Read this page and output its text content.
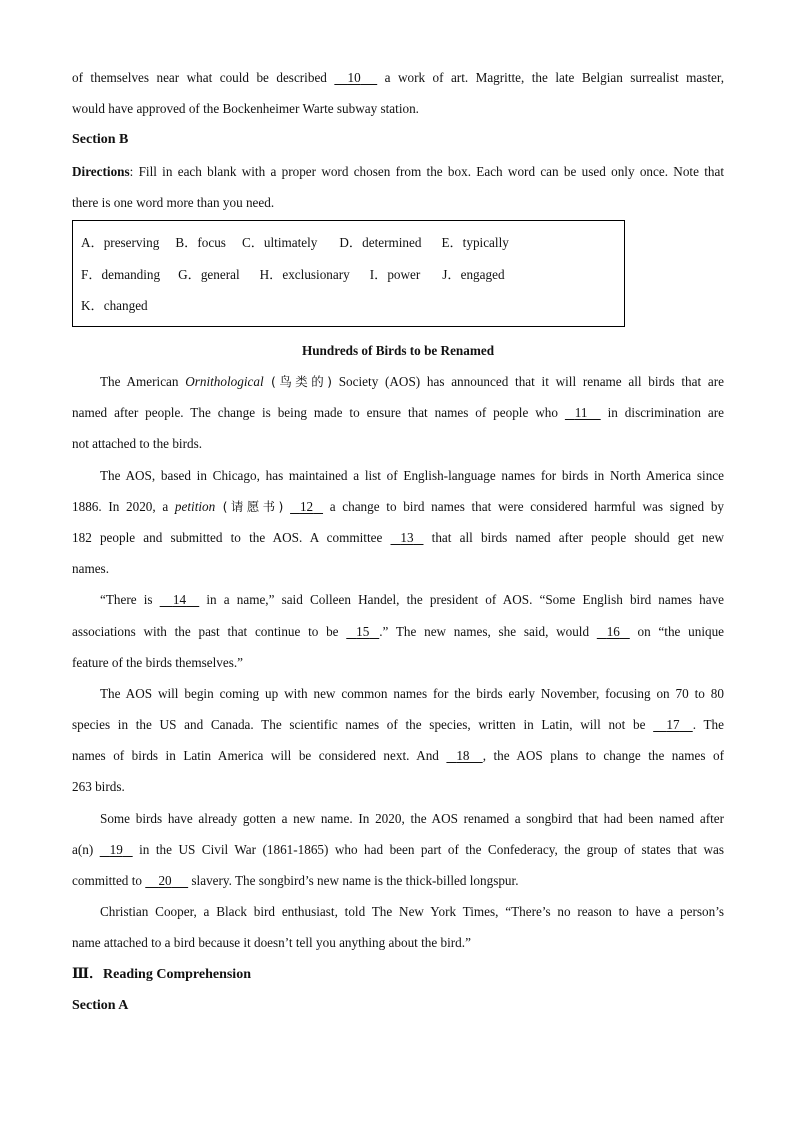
of themselves near what could be described 10 a work of art. Magritte, the late Belgian surrealist master,
would have approved of the Bockenheimer Warte subway station.
Section B
Directions: Fill in each blank with a proper word chosen from the box. Each word can be used only once. Note that
there is one word more than you need.
A．preserving B．focus C．ultimately D．determined E．typically
F．demanding G．general H．exclusionary I．power J．engaged
K．changed
Hundreds of Birds to be Renamed
The American Ornithological (鸟类的) Society (AOS) has announced that it will rename all birds that are
named after people. The change is being made to ensure that names of people who 11 in discrimination are
not attached to the birds.
The AOS, based in Chicago, has maintained a list of English-language names for birds in North America since
1886. In 2020, a petition (请愿书) 12 a change to bird names that were considered harmful was signed by
182 people and submitted to the AOS. A committee 13 that all birds named after people should get new
names.
“There is 14 in a name,” said Colleen Handel, the president of AOS. “Some English bird names have
associations with the past that continue to be 15 .” The new names, she said, would 16 on “the unique
feature of the birds themselves.”
The AOS will begin coming up with new common names for the birds early November, focusing on 70 to 80
species in the US and Canada. The scientific names of the species, written in Latin, will not be 17 . The
names of birds in Latin America will be considered next. And 18 , the AOS plans to change the names of
263 birds.
Some birds have already gotten a new name. In 2020, the AOS renamed a songbird that had been named after
a(n) 19 in the US Civil War (1861-1865) who had been part of the Confederacy, the group of states that was
committed to 20 slavery. The songbird’s new name is the thick-billed longspur.
Christian Cooper, a Black bird enthusiast, told The New York Times, “There’s no reason to have a person’s
name attached to a bird because it doesn’t tell you anything about the bird.”
Ⅲ．Reading Comprehension
Section A
